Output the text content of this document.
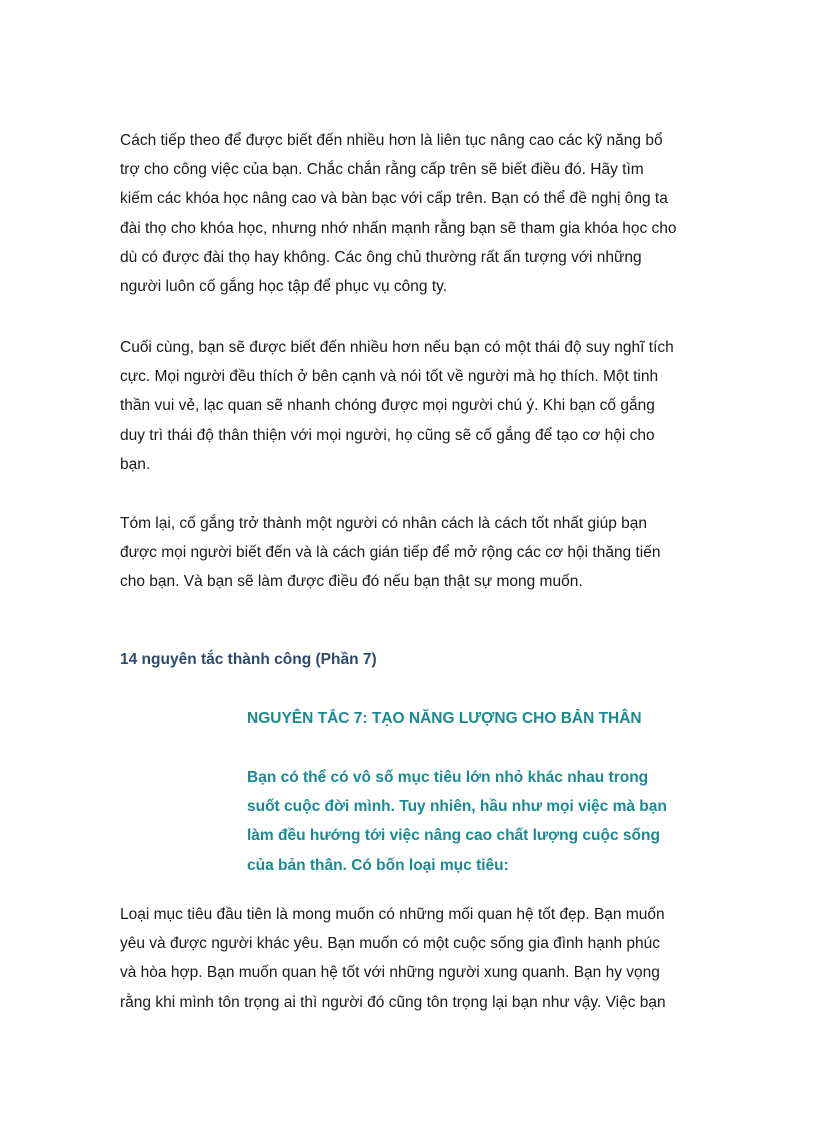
Cách tiếp theo để được biết đến nhiều hơn là liên tục nâng cao các kỹ năng bổ
trợ cho công việc của bạn. Chắc chắn rằng cấp trên sẽ biết điều đó. Hãy tìm
kiếm các khóa học nâng cao và bàn bạc với cấp trên. Bạn có thể đề nghị ông ta
đài thọ cho khóa học, nhưng nhớ nhấn mạnh rằng bạn sẽ tham gia khóa học cho
dù có được đài thọ hay không. Các ông chủ thường rất ấn tượng với những
người luôn cố gắng học tập để phục vụ công ty.

Cuối cùng, bạn sẽ được biết đến nhiều hơn nếu bạn có một thái độ suy nghĩ tích
cực. Mọi người đều thích ở bên cạnh và nói tốt về người mà họ thích. Một tinh
thần vui vẻ, lạc quan sẽ nhanh chóng được mọi người chú ý. Khi bạn cố gắng
duy trì thái độ thân thiện với mọi người, họ cũng sẽ cố gắng để tạo cơ hội cho
bạn.

Tóm lại, cố gắng trở thành một người có nhân cách là cách tốt nhất giúp bạn
được mọi người biết đến và là cách gián tiếp để mở rộng các cơ hội thăng tiến
cho bạn. Và bạn sẽ làm được điều đó nếu bạn thật sự mong muốn.

14 nguyên tắc thành công (Phần 7)
NGUYÊN TẮC 7: TẠO NĂNG LƯỢNG CHO BẢN THÂN

Bạn có thể có vô số mục tiêu lớn nhỏ khác nhau trong
suốt cuộc đời mình. Tuy nhiên, hầu như mọi việc mà bạn
làm đều hướng tới việc nâng cao chất lượng cuộc sống
của bản thân. Có bốn loại mục tiêu:

Loại mục tiêu đầu tiên là mong muốn có những mối quan hệ tốt đẹp. Bạn muốn
yêu và được người khác yêu. Bạn muốn có một cuộc sống gia đình hạnh phúc
và hòa hợp. Bạn muốn quan hệ tốt với những người xung quanh. Bạn hy vọng
rằng khi mình tôn trọng ai thì người đó cũng tôn trọng lại bạn như vậy. Việc bạn
